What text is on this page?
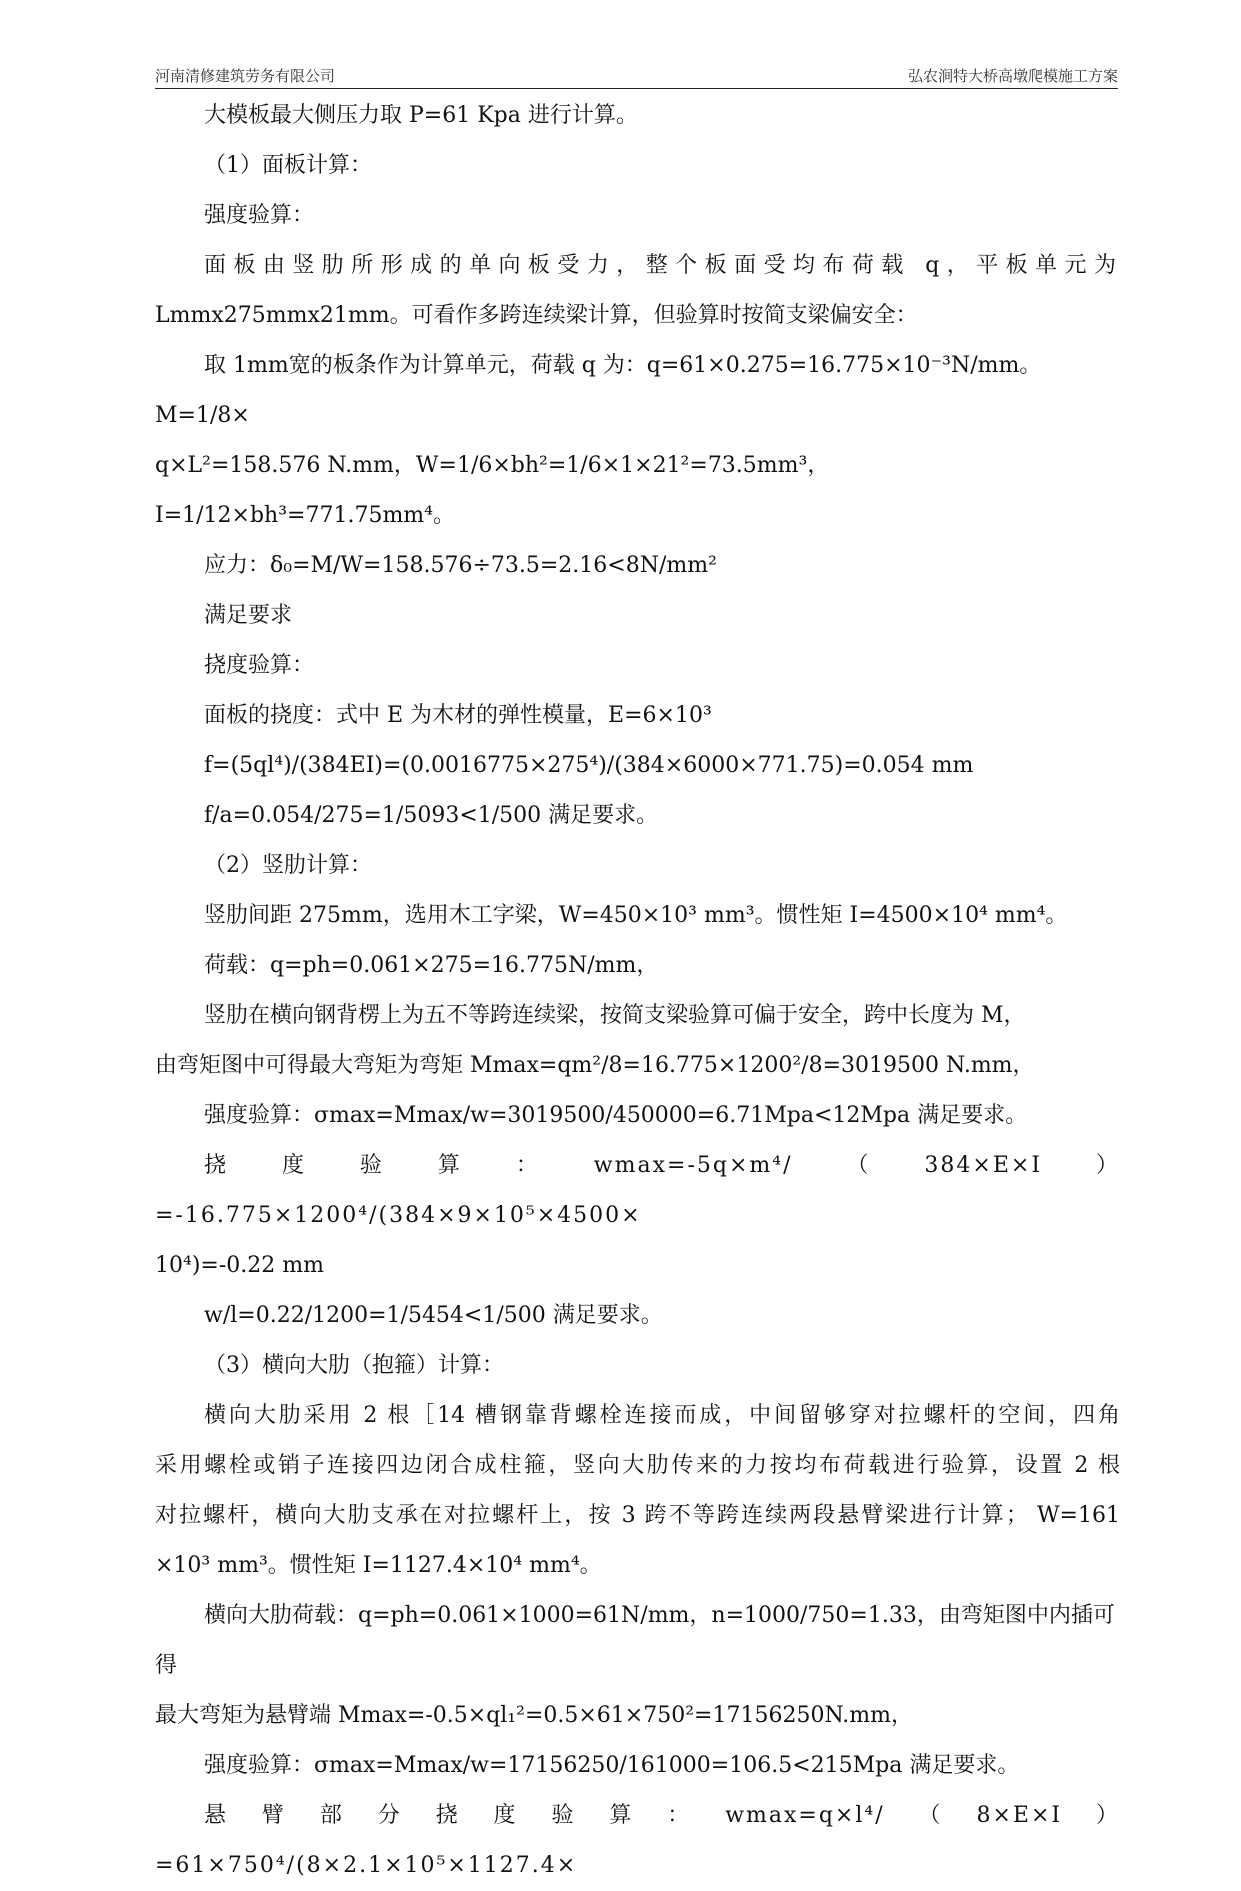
河南清修建筑劳务有限公司	弘农涧特大桥高墩爬模施工方案

大模板最大侧压力取 P=61 Kpa 进行计算。

（1）面板计算：

强度验算：

面板由竖肋所形成的单向板受力，整个板面受均布荷载 q，平板单元为

Lmmx275mmx21mm。可看作多跨连续梁计算，但验算时按简支梁偏安全：

取 1mm宽的板条作为计算单元，荷载 q 为：q=61×0.275=16.775×10⁻³N/mm。M=1/8×

q×L²=158.576 N.mm，W=1/6×bh²=1/6×1×21²=73.5mm³，I=1/12×bh³=771.75mm⁴。

应力：δ₀=M/W=158.576÷73.5=2.16<8N/mm²

满足要求

挠度验算：

面板的挠度：式中 E 为木材的弹性模量，E=6×10³

f=(5ql⁴)/(384EI)=(0.0016775×275⁴)/(384×6000×771.75)=0.054 mm

f/a=0.054/275=1/5093<1/500 满足要求。

（2）竖肋计算：

竖肋间距 275mm，选用木工字梁，W=450×10³ mm³。惯性矩 I=4500×10⁴ mm⁴。

荷载：q=ph=0.061×275=16.775N/mm，

竖肋在横向钢背楞上为五不等跨连续梁，按简支梁验算可偏于安全，跨中长度为 M，

由弯矩图中可得最大弯矩为弯矩 Mmax=qm²/8=16.775×1200²/8=3019500 N.mm，

强度验算：σmax=Mmax/w=3019500/450000=6.71Mpa<12Mpa 满足要求。

挠度验算：wmax=-5q×m⁴/（384×E×I）=-16.775×1200⁴/(384×9×10⁵×4500×

10⁴)=-0.22 mm

w/l=0.22/1200=1/5454<1/500 满足要求。

（3）横向大肋（抱箍）计算：

横向大肋采用 2 根［14 槽钢靠背螺栓连接而成，中间留够穿对拉螺杆的空间，四角

采用螺栓或销子连接四边闭合成柱箍，竖向大肋传来的力按均布荷载进行验算，设置 2 根

对拉螺杆，横向大肋支承在对拉螺杆上，按 3 跨不等跨连续两段悬臂梁进行计算； W=161

×10³ mm³。惯性矩 I=1127.4×10⁴ mm⁴。

横向大肋荷载：q=ph=0.061×1000=61N/mm，n=1000/750=1.33，由弯矩图中内插可得

最大弯矩为悬臂端 Mmax=-0.5×ql₁²=0.5×61×750²=17156250N.mm，

强度验算：σmax=Mmax/w=17156250/161000=106.5<215Mpa 满足要求。

悬臂部分挠度验算：wmax=q×l⁴/（8×E×I）=61×750⁴/(8×2.1×10⁵×1127.4×
